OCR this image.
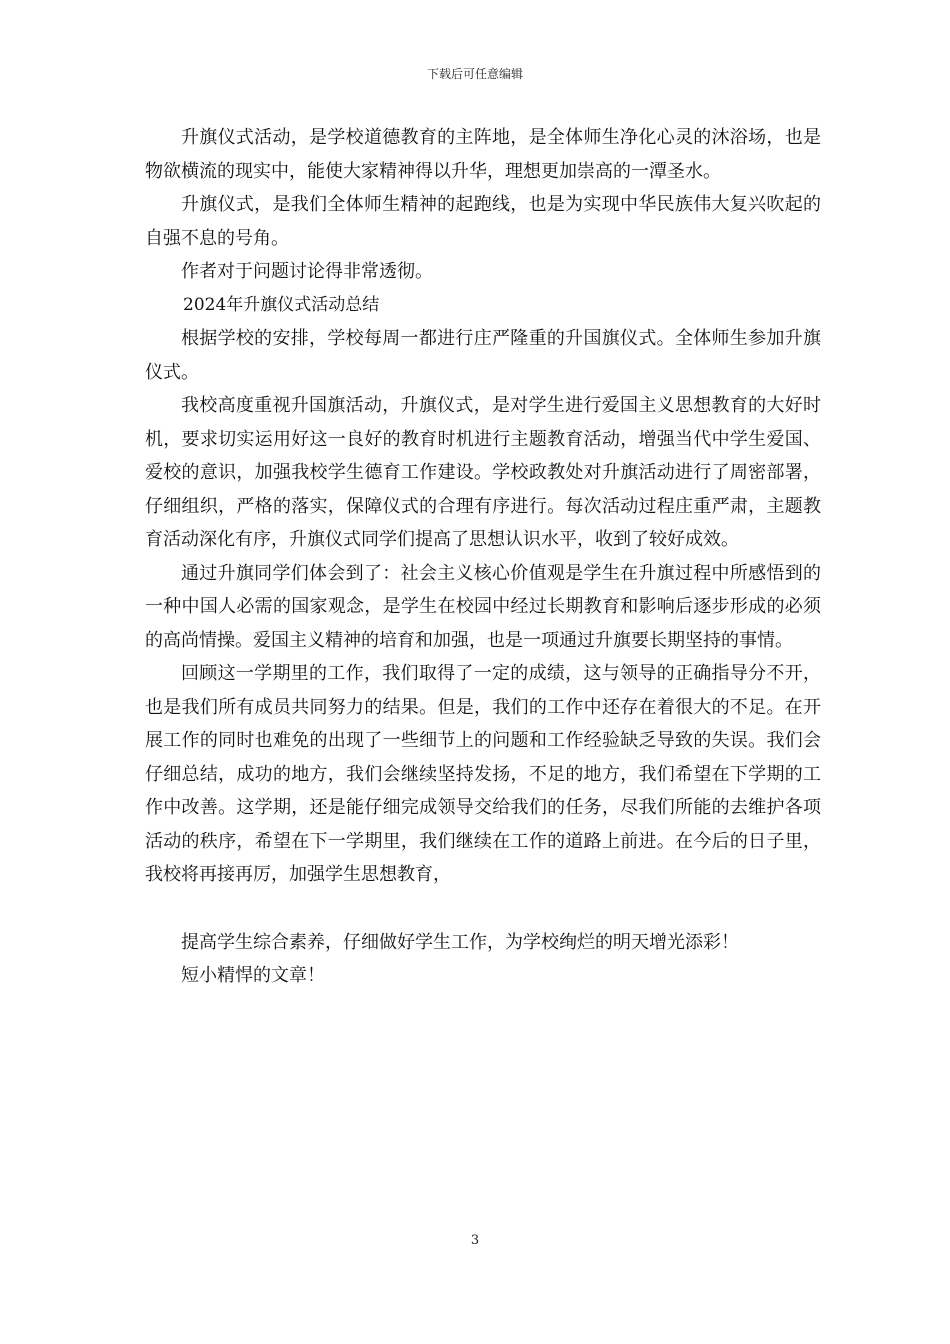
下载后可任意编辑

升旗仪式活动，是学校道德教育的主阵地，是全体师生净化心灵的沐浴场，也是物欲横流的现实中，能使大家精神得以升华，理想更加崇高的一潭圣水。

升旗仪式，是我们全体师生精神的起跑线，也是为实现中华民族伟大复兴吹起的自强不息的号角。

作者对于问题讨论得非常透彻。

2024年升旗仪式活动总结

根据学校的安排，学校每周一都进行庄严隆重的升国旗仪式。全体师生参加升旗仪式。

我校高度重视升国旗活动，升旗仪式，是对学生进行爱国主义思想教育的大好时机，要求切实运用好这一良好的教育时机进行主题教育活动，增强当代中学生爱国、爱校的意识，加强我校学生德育工作建设。学校政教处对升旗活动进行了周密部署，仔细组织，严格的落实，保障仪式的合理有序进行。每次活动过程庄重严肃，主题教育活动深化有序，升旗仪式同学们提高了思想认识水平，收到了较好成效。

通过升旗同学们体会到了：社会主义核心价值观是学生在升旗过程中所感悟到的一种中国人必需的国家观念，是学生在校园中经过长期教育和影响后逐步形成的必须的高尚情操。爱国主义精神的培育和加强，也是一项通过升旗要长期坚持的事情。

回顾这一学期里的工作，我们取得了一定的成绩，这与领导的正确指导分不开，也是我们所有成员共同努力的结果。但是，我们的工作中还存在着很大的不足。在开展工作的同时也难免的出现了一些细节上的问题和工作经验缺乏导致的失误。我们会仔细总结，成功的地方，我们会继续坚持发扬，不足的地方，我们希望在下学期的工作中改善。这学期，还是能仔细完成领导交给我们的任务，尽我们所能的去维护各项活动的秩序，希望在下一学期里，我们继续在工作的道路上前进。在今后的日子里，我校将再接再厉，加强学生思想教育，

提高学生综合素养，仔细做好学生工作，为学校绚烂的明天增光添彩！

短小精悍的文章！

3
